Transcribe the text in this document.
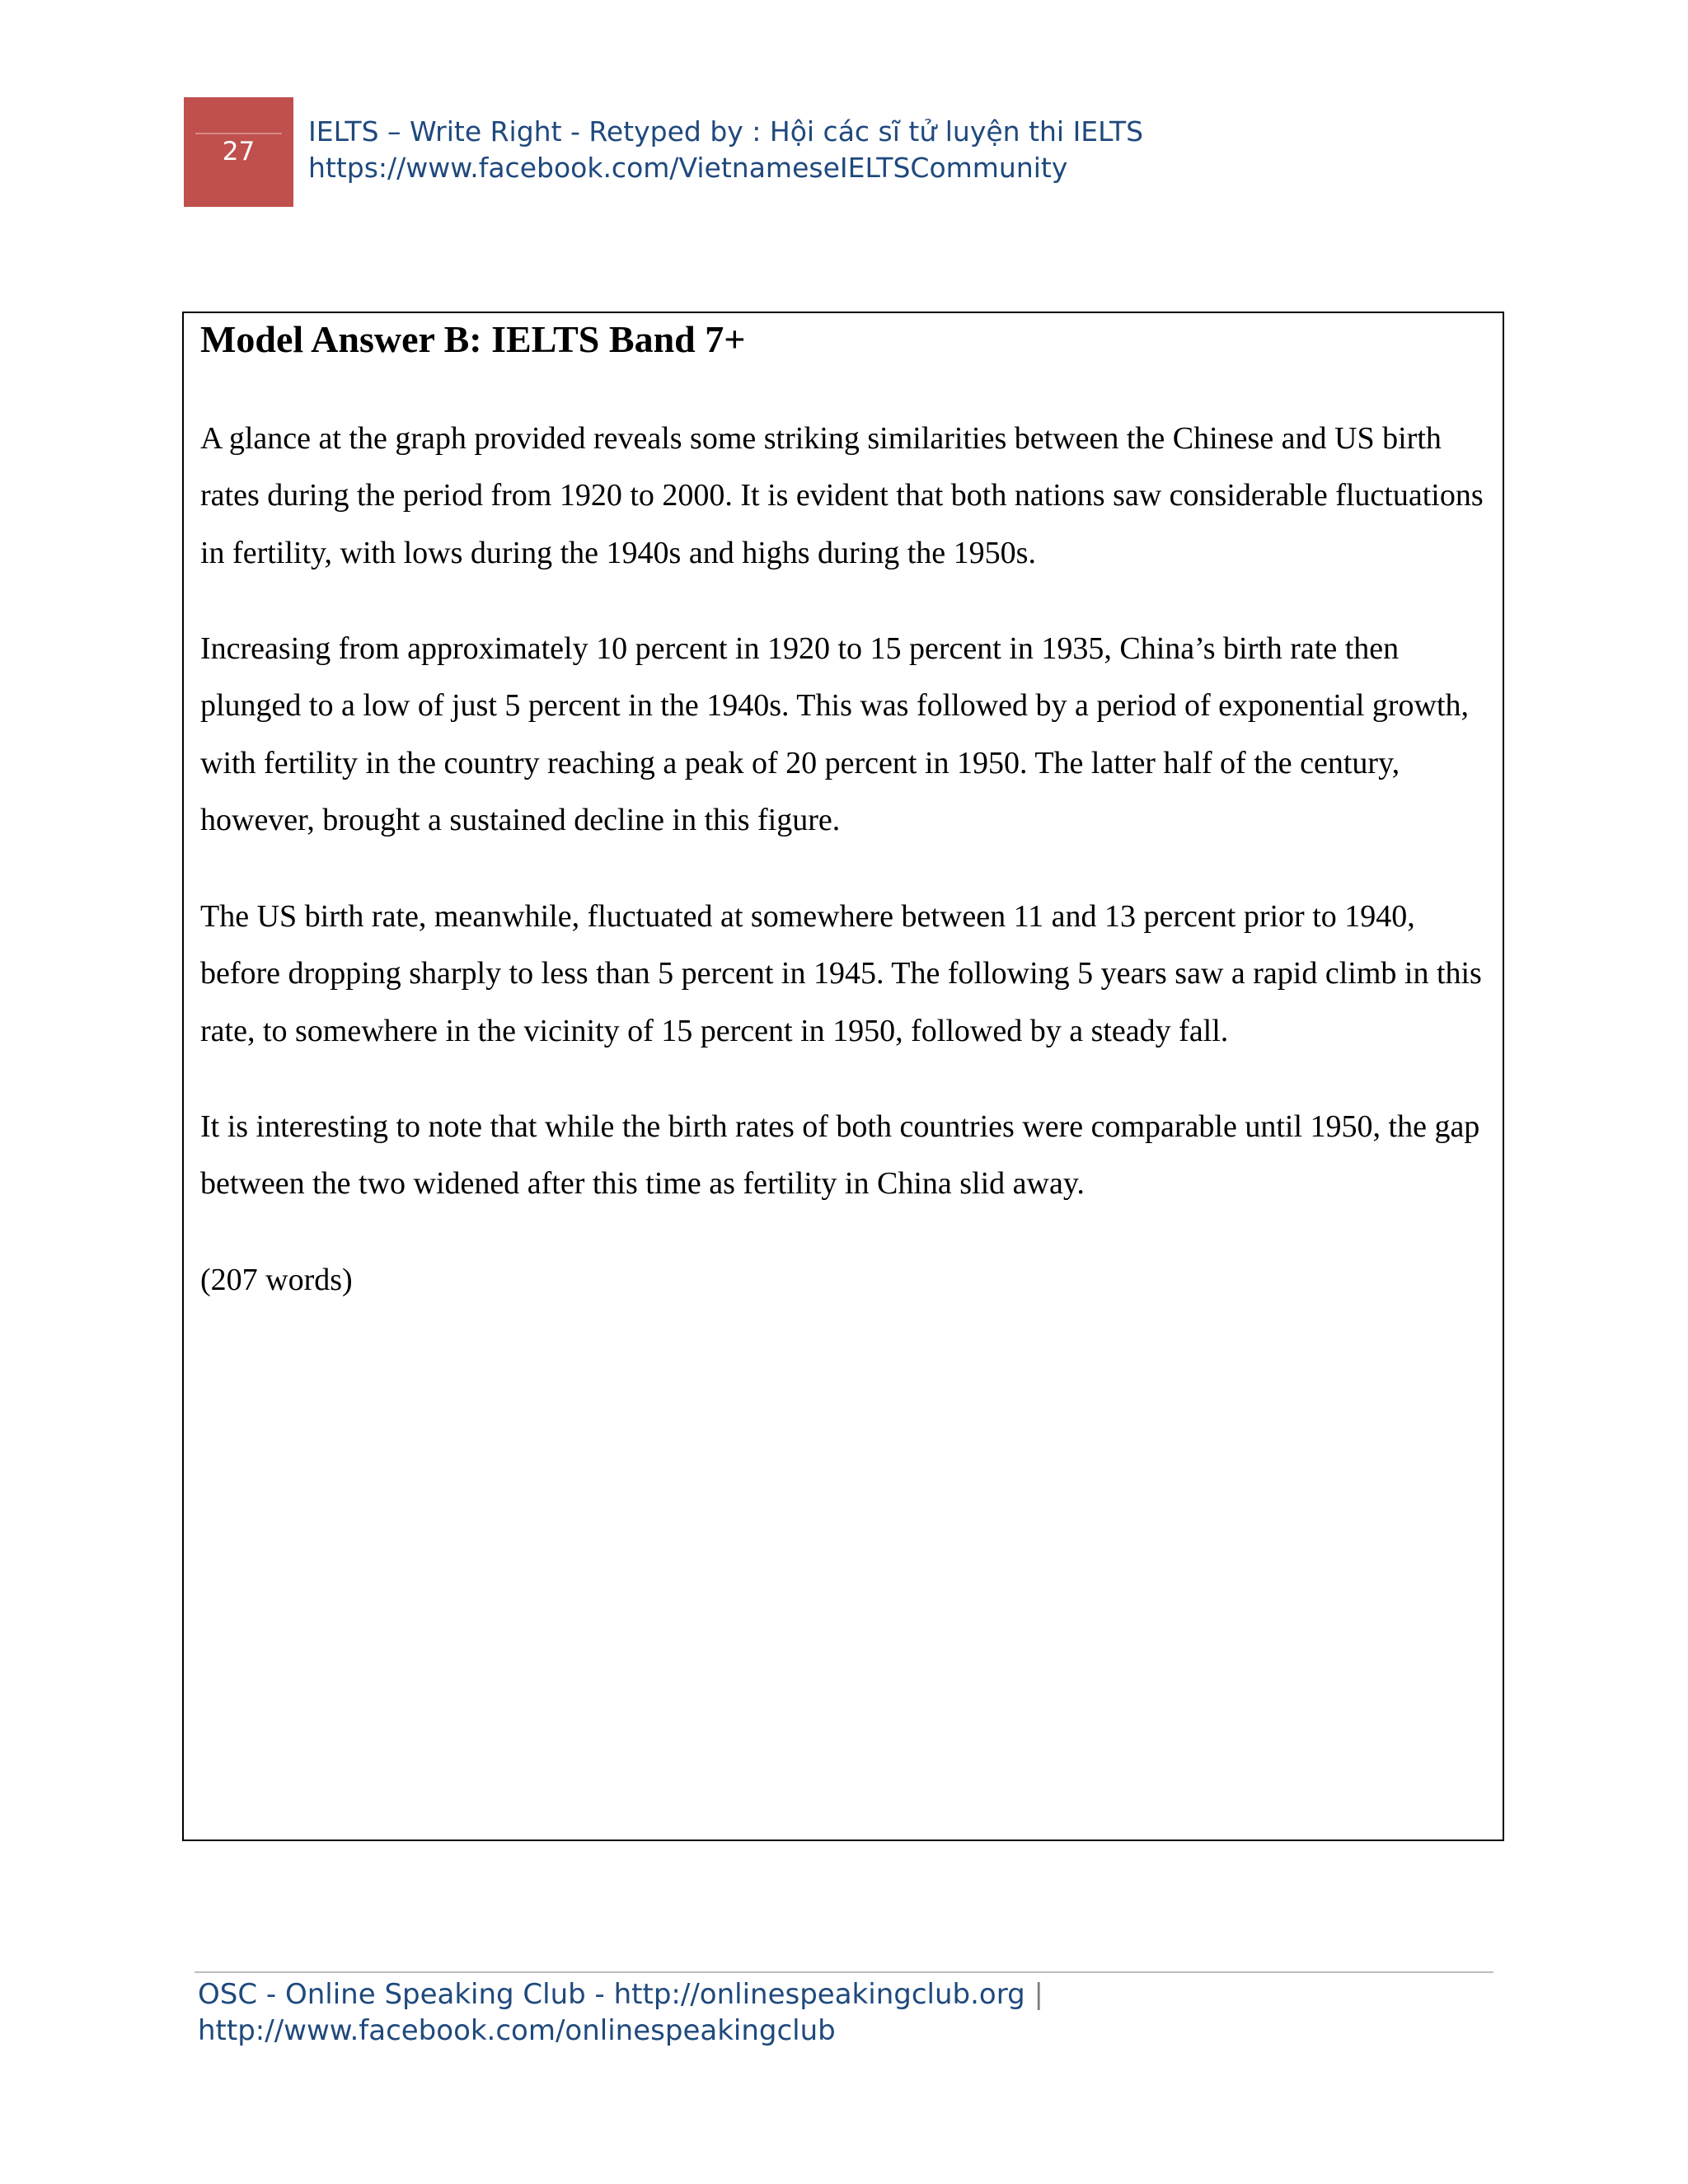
27
IELTS – Write Right - Retyped by : Hội các sĩ tử luyện thi IELTS
https://www.facebook.com/VietnameseIELTSCommunity
Model Answer B: IELTS Band 7+

A glance at the graph provided reveals some striking similarities between the Chinese and US birth rates during the period from 1920 to 2000. It is evident that both nations saw considerable fluctuations in fertility, with lows during the 1940s and highs during the 1950s.

Increasing from approximately 10 percent in 1920 to 15 percent in 1935, China’s birth rate then plunged to a low of just 5 percent in the 1940s. This was followed by a period of exponential growth, with fertility in the country reaching a peak of 20 percent in 1950. The latter half of the century, however, brought a sustained decline in this figure.

The US birth rate, meanwhile, fluctuated at somewhere between 11 and 13 percent prior to 1940, before dropping sharply to less than 5 percent in 1945. The following 5 years saw a rapid climb in this rate, to somewhere in the vicinity of 15 percent in 1950, followed by a steady fall.

It is interesting to note that while the birth rates of both countries were comparable until 1950, the gap between the two widened after this time as fertility in China slid away.

(207 words)

OSC - Online Speaking Club - http://onlinespeakingclub.org |
http://www.facebook.com/onlinespeakingclub
